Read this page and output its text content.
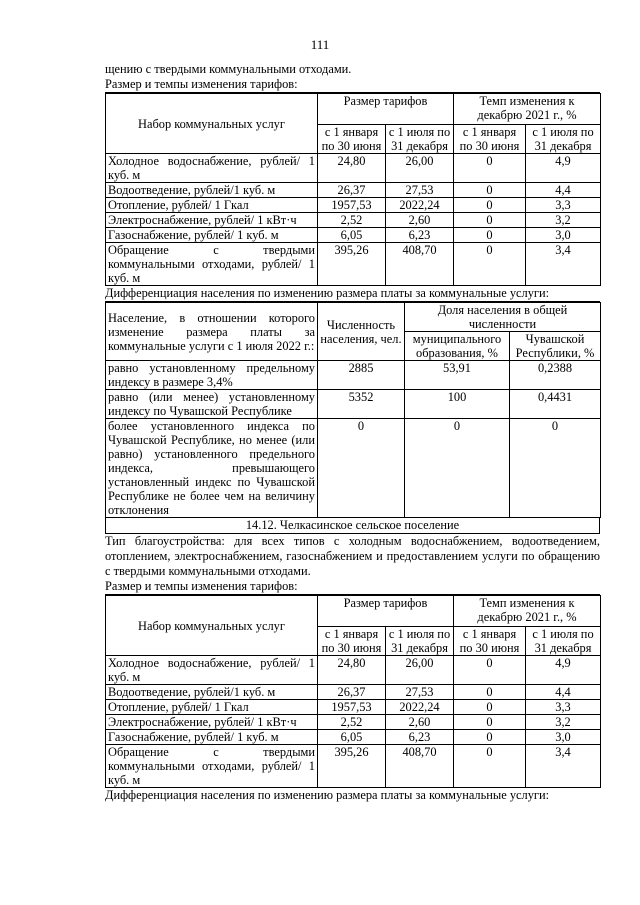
111
щению с твердыми коммунальными отходами.
Размер и темпы изменения тарифов:
Набор коммунальных услуг	Размер тарифов		Темп изменения к декабрю 2021 г., %	
	с 1 января по 30 июня	с 1 июля по 31 декабря	с 1 января по 30 июня	с 1 июля по 31 декабря
Холодное водоснабжение, рублей/ 1 куб. м	24,80	26,00	0	4,9
Водоотведение, рублей/1 куб. м	26,37	27,53	0	4,4
Отопление, рублей/ 1 Гкал	1957,53	2022,24	0	3,3
Электроснабжение, рублей/ 1 кВт·ч	2,52	2,60	0	3,2
Газоснабжение, рублей/ 1 куб. м	6,05	6,23	0	3,0
Обращение с твердыми коммунальными отходами, рублей/ 1 куб. м	395,26	408,70	0	3,4
Дифференциация населения по изменению размера платы за коммунальные услуги:
Население, в отношении которого изменение размера платы за коммунальные услуги с 1 июля 2022 г.:	Численность населения, чел.	Доля населения в общей численности	
		муниципального образования, %	Чувашской Республики, %
равно установленному предельному индексу в размере 3,4%	2885	53,91	0,2388
равно (или менее) установленному индексу по Чувашской Республике	5352	100	0,4431
более установленного индекса по Чувашской Республике, но менее (или равно) установленного предельного индекса, превышающего установленный индекс по Чувашской Республике не более чем на величину отклонения	0	0	0
14.12. Челкасинское сельское поселение
Тип благоустройства: для всех типов с холодным водоснабжением, водоотведением, отоплением, электроснабжением, газоснабжением и предоставлением услуги по обращению с твердыми коммунальными отходами.
Размер и темпы изменения тарифов:
Набор коммунальных услуг	Размер тарифов		Темп изменения к декабрю 2021 г., %	
	с 1 января по 30 июня	с 1 июля по 31 декабря	с 1 января по 30 июня	с 1 июля по 31 декабря
Холодное водоснабжение, рублей/ 1 куб. м	24,80	26,00	0	4,9
Водоотведение, рублей/1 куб. м	26,37	27,53	0	4,4
Отопление, рублей/ 1 Гкал	1957,53	2022,24	0	3,3
Электроснабжение, рублей/ 1 кВт·ч	2,52	2,60	0	3,2
Газоснабжение, рублей/ 1 куб. м	6,05	6,23	0	3,0
Обращение с твердыми коммунальными отходами, рублей/ 1 куб. м	395,26	408,70	0	3,4
Дифференциация населения по изменению размера платы за коммунальные услуги:
